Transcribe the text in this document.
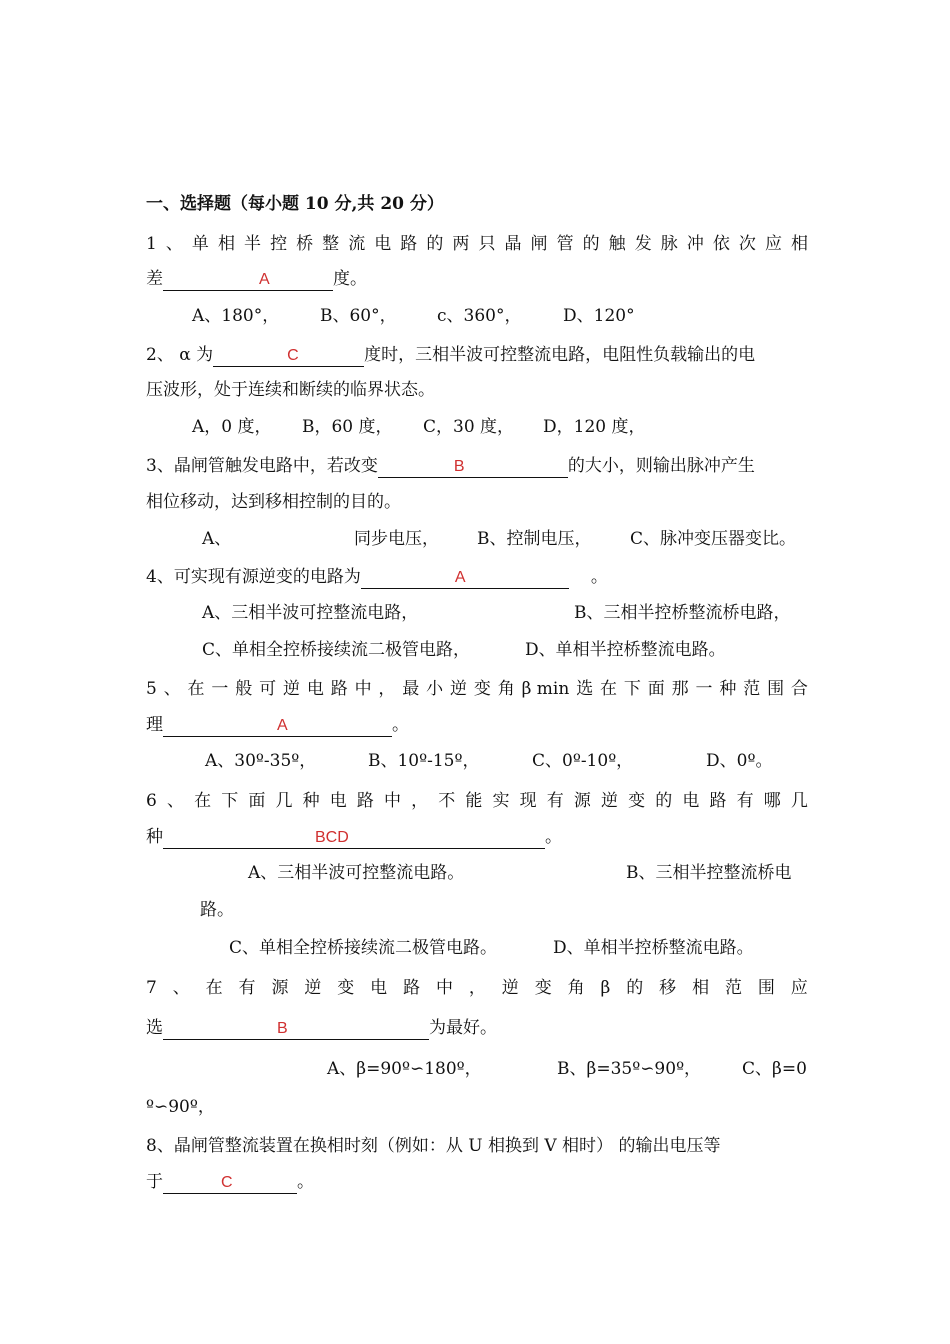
一、选择题（每小题 10 分,共 20 分）
1 、 单 相 半 控 桥 整 流 电 路 的 两 只 晶 闸 管 的 触 发 脉 冲 依 次 应 相
差	A	度。
A、180°， B、60°， c、360°， D、120°
2、 α 为	C	度时，三相半波可控整流电路，电阻性负载输出的电
压波形，处于连续和断续的临界状态。
A，0 度， B，60 度， C，30 度， D，120 度，
3、晶闸管触发电路中，若改变	B	的大小，则输出脉冲产生
相位移动，达到移相控制的目的。
A、	同步电压， B、控制电压， C、脉冲变压器变比。
4、可实现有源逆变的电路为	A	。
A、三相半波可控整流电路，	B、三相半控桥整流桥电路，
C、单相全控桥接续流二极管电路，	D、单相半控桥整流电路。
5 、 在 一 般 可 逆 电 路 中 ， 最 小 逆 变 角 β min 选 在 下 面 那 一 种 范 围 合
理	A	。
A、30º-35º，	B、10º-15º，	C、0º-10º，	D、0º。
6 、 在 下 面 几 种 电 路 中 ， 不 能 实 现 有 源 逆 变 的 电 路 有 哪 几
种	BCD	。
A、三相半波可控整流电路。	B、三相半控整流桥电
路。
C、单相全控桥接续流二极管电路。	D、单相半控桥整流电路。
7 、 在 有 源 逆 变 电 路 中 ， 逆 变 角 β 的 移 相 范 围 应
选	B	为最好。
A、β=90º∽180º，	B、β=35º∽90º， C、β=0
º∽90º，
8、晶闸管整流装置在换相时刻（例如：从 U 相换到 V 相时） 的输出电压等
于	C	。
